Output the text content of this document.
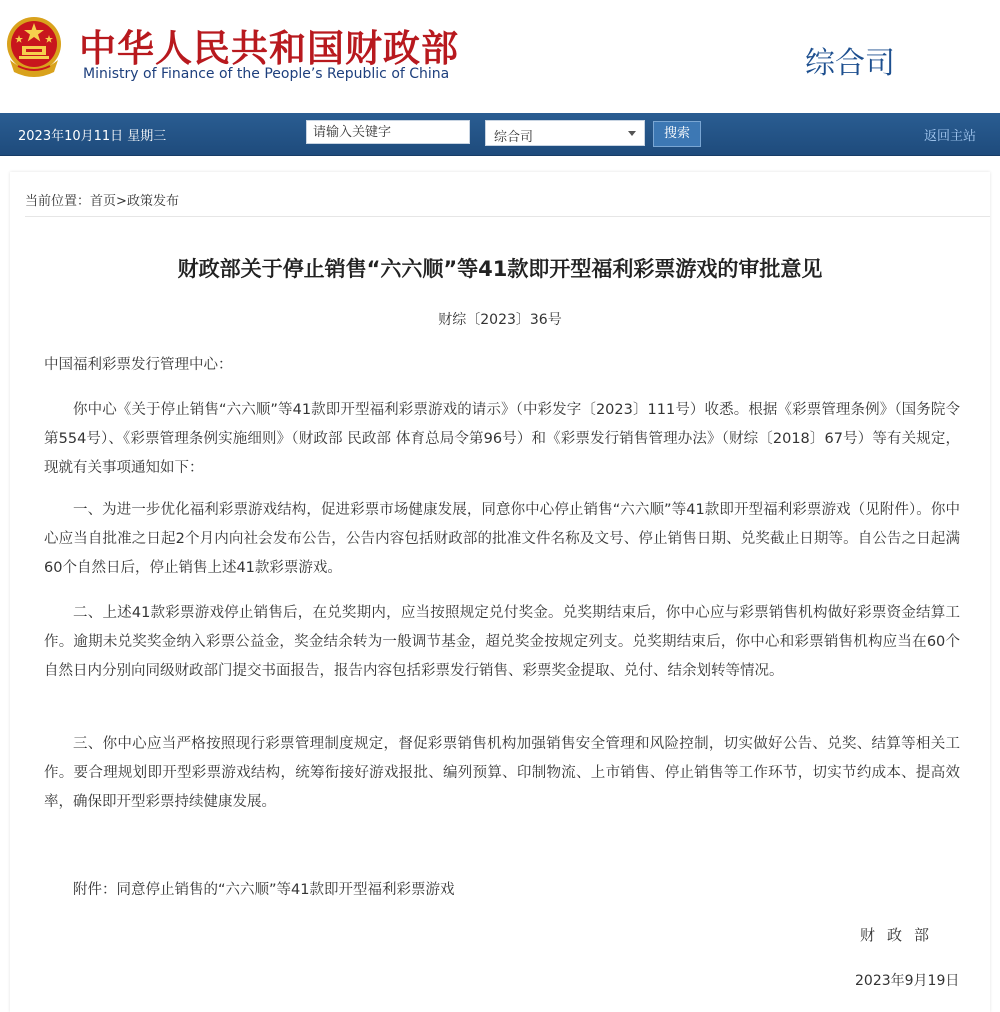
中华人民共和国财政部
Ministry of Finance of the People’s Republic of China	综合司
2023年10月11日 星期三
请输入关键字	综合司	搜索	返回主站
当前位置：首页>政策发布
财政部关于停止销售“六六顺”等41款即开型福利彩票游戏的审批意见
财综〔2023〕36号
中国福利彩票发行管理中心：
你中心《关于停止销售“六六顺”等41款即开型福利彩票游戏的请示》（中彩发字〔2023〕111号）收悉。根据《彩票管理条例》（国务院令第554号）、《彩票管理条例实施细则》（财政部 民政部 体育总局令第96号）和《彩票发行销售管理办法》（财综〔2018〕67号）等有关规定，现就有关事项通知如下：
一、为进一步优化福利彩票游戏结构，促进彩票市场健康发展，同意你中心停止销售“六六顺”等41款即开型福利彩票游戏（见附件）。你中心应当自批准之日起2个月内向社会发布公告，公告内容包括财政部的批准文件名称及文号、停止销售日期、兑奖截止日期等。自公告之日起满60个自然日后，停止销售上述41款彩票游戏。
二、上述41款彩票游戏停止销售后，在兑奖期内，应当按照规定兑付奖金。兑奖期结束后，你中心应与彩票销售机构做好彩票资金结算工作。逾期未兑奖奖金纳入彩票公益金，奖金结余转为一般调节基金，超兑奖金按规定列支。兑奖期结束后，你中心和彩票销售机构应当在60个自然日内分别向同级财政部门提交书面报告，报告内容包括彩票发行销售、彩票奖金提取、兑付、结余划转等情况。
三、你中心应当严格按照现行彩票管理制度规定，督促彩票销售机构加强销售安全管理和风险控制，切实做好公告、兑奖、结算等相关工作。要合理规划即开型彩票游戏结构，统筹衔接好游戏报批、编列预算、印制物流、上市销售、停止销售等工作环节，切实节约成本、提高效率，确保即开型彩票持续健康发展。
附件：同意停止销售的“六六顺”等41款即开型福利彩票游戏
财政部
2023年9月19日
